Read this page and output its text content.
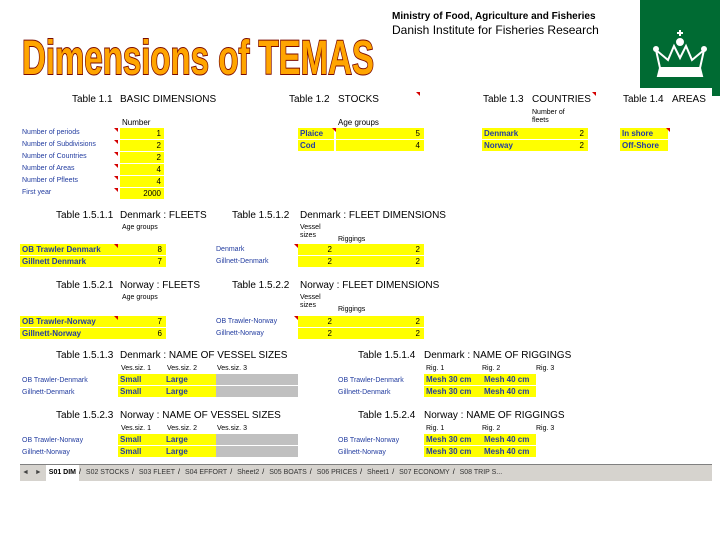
Dimensions of TEMAS
Ministry of Food, Agriculture and Fisheries
Danish Institute for Fisheries Research
Table 1.1 BASIC DIMENSIONS
Number
Number of periods	1
Number of Subdivisions	2
Number of Countries	2
Number of Areas	4
Number of Pfleets	4
First year	2000
Table 1.2 STOCKS
Age groups
Plaice	5
Cod	4
Table 1.3 COUNTRIES
Number of fleets
Denmark	2
Norway	2
Table 1.4 AREAS
In shore
Off-Shore
Table 1.5.1.1 Denmark : FLEETS
Age groups
OB Trawler Denmark	8
Gillnett Denmark	7
Table 1.5.1.2 Denmark : FLEET DIMENSIONS
Vessel sizes
Riggings
Denmark	2	2
Gillnett-Denmark	2	2
Table 1.5.2.1 Norway : FLEETS
Age groups
OB Trawler-Norway	7
Gillnett-Norway	6
Table 1.5.2.2 Norway : FLEET DIMENSIONS
Vessel sizes
Riggings
OB Trawler-Norway	2	2
Gillnett-Norway	2	2
Table 1.5.1.3 Denmark : NAME OF VESSEL SIZES
Ves.siz. 1 Ves.siz. 2	Ves.siz. 3
OB Trawler-Denmark	Small	Large
Gillnett-Denmark	Small	Large
Table 1.5.1.4 Denmark : NAME OF RIGGINGS
Rig. 1	Rig. 2	Rig. 3
OB Trawler-Denmark	Mesh 30 cm	Mesh 40 cm
Gillnett-Denmark	Mesh 30 cm	Mesh 40 cm
Table 1.5.2.3 Norway : NAME OF VESSEL SIZES
Ves.siz. 1 Ves.siz. 2	Ves.siz. 3
OB Trawler-Norway	Small	Large
Gillnett-Norway	Small	Large
Table 1.5.2.4 Norway : NAME OF RIGGINGS
Rig. 1	Rig. 2	Rig. 3
OB Trawler-Norway	Mesh 30 cm	Mesh 40 cm
Gillnett-Norway	Mesh 30 cm	Mesh 40 cm
◄ ► S01 DIM / S02 STOCKS / S03 FLEET / S04 EFFORT / Sheet2 / S05 BOATS / S06 PRICES / Sheet1 / S07 ECONOMY / S08 TRIP S...
